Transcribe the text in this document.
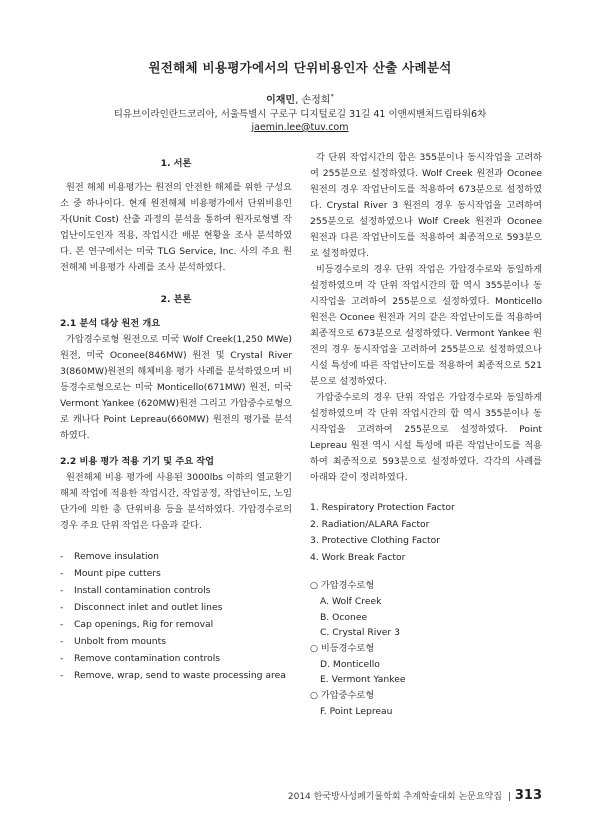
원전해체 비용평가에서의 단위비용인자 산출 사례분석
이재민, 손정희*
티유브이라인란드코리아, 서울특별시 구로구 디지털로길 31길 41 이앤씨벤처드림타워6차
jaemin.lee@tuv.com
1. 서론

원전 해체 비용평가는 원전의 안전한 해체를 위한 구성요소 중 하나이다. 현재 원전해체 비용평가에서 단위비용인자(Unit Cost) 산출 과정의 분석을 통하여 원자로형별 작업난이도인자 적용, 작업시간 배분 현황을 조사 분석하였다. 본 연구에서는 미국 TLG Service, Inc. 사의 주요 원전해체 비용평가 사례를 조사 분석하였다.

2. 본론

2.1 분석 대상 원전 개요

가압경수로형 원전으로 미국 Wolf Creek(1,250 MWe) 원전, 미국 Oconee(846MW) 원전 및 Crystal River 3(860MW)원전의 해체비용 평가 사례를 분석하였으며 비등경수로형으로는 미국 Monticello(671MW) 원전, 미국 Vermont Yankee (620MW)원전 그리고 가압중수로형으로 캐나다 Point Lepreau(660MW) 원전의 평가를 분석하였다.

2.2 비용 평가 적용 기기 및 주요 작업

원전해체 비용 평가에 사용된 3000lbs 이하의 열교환기 해체 작업에 적용한 작업시간, 작업공정, 작업난이도, 노임단가에 의한 총 단위비용 등을 분석하였다. 가압경수로의 경우 주요 단위 작업은 다음과 같다.

- Remove insulation
- Mount pipe cutters
- Install contamination controls
- Disconnect inlet and outlet lines
- Cap openings, Rig for removal
- Unbolt from mounts
- Remove contamination controls
- Remove, wrap, send to waste processing area

각 단위 작업시간의 합은 355분이나 동시작업을 고려하여 255분으로 설정하였다. Wolf Creek 원전과 Oconee 원전의 경우 작업난이도를 적용하여 673분으로 설정하였다. Crystal River 3 원전의 경우 동시작업을 고려하여 255분으로 설정하였으나 Wolf Creek 원전과 Oconee 원전과 다른 작업난이도를 적용하여 최종적으로 593분으로 설정하였다.

비등경수로의 경우 단위 작업은 가압경수로와 동일하게 설정하였으며 각 단위 작업시간의 합 역시 355분이나 동시작업을 고려하여 255분으로 설정하였다. Monticello 원전은 Oconee 원전과 거의 같은 작업난이도를 적용하여 최종적으로 673분으로 설정하였다. Vermont Yankee 원전의 경우 동시작업을 고려하여 255분으로 설정하였으나 시설 특성에 따른 작업난이도를 적용하여 최종적으로 521분으로 설정하였다.

가압중수로의 경우 단위 작업은 가압경수로와 동일하게 설정하였으며 각 단위 작업시간의 합 역시 355분이나 동시작업을 고려하여 255분으로 설정하였다. Point Lepreau 원전 역시 시설 특성에 따른 작업난이도를 적용하여 최종적으로 593분으로 설정하였다. 각각의 사례를 아래와 같이 정리하였다.

1. Respiratory Protection Factor
2. Radiation/ALARA Factor
3. Protective Clothing Factor
4. Work Break Factor
○ 가압경수로형
A. Wolf Creek
B. Oconee
C. Crystal River 3
○ 비등경수로형
D. Monticello
E. Vermont Yankee
○ 가압중수로형
F. Point Lepreau
2014 한국방사성폐기물학회 추계학술대회 논문요약집 | 313
